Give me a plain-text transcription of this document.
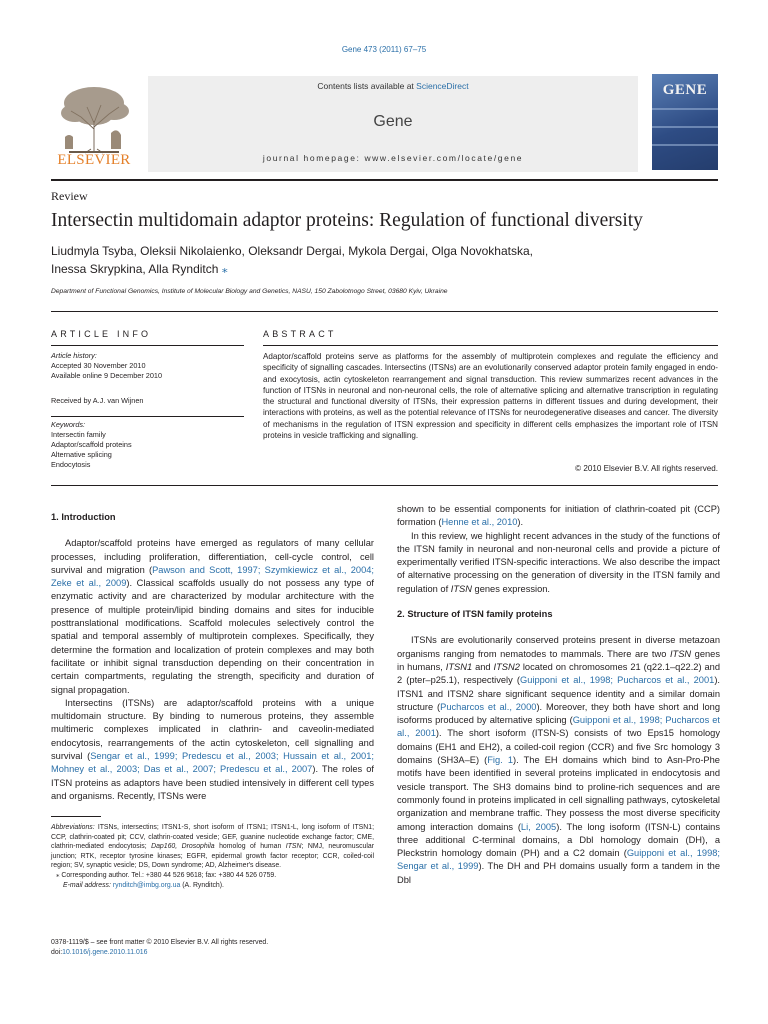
Gene 473 (2011) 67–75
ELSEVIER
Contents lists available at ScienceDirect
Gene
journal homepage: www.elsevier.com/locate/gene
GENE
Review
Intersectin multidomain adaptor proteins: Regulation of functional diversity
Liudmyla Tsyba, Oleksii Nikolaienko, Oleksandr Dergai, Mykola Dergai, Olga Novokhatska,
Inessa Skrypkina, Alla Rynditch ⁎
Department of Functional Genomics, Institute of Molecular Biology and Genetics, NASU, 150 Zabolotnogo Street, 03680 Kyiv, Ukraine
ARTICLE INFO
Article history:
Accepted 30 November 2010
Available online 9 December 2010
Received by A.J. van Wijnen
Keywords:
Intersectin family
Adaptor/scaffold proteins
Alternative splicing
Endocytosis
ABSTRACT
Adaptor/scaffold proteins serve as platforms for the assembly of multiprotein complexes and regulate the efficiency and specificity of signalling cascades. Intersectins (ITSNs) are an evolutionarily conserved adaptor protein family engaged in endo- and exocytosis, actin cytoskeleton rearrangement and signal transduction. This review summarizes recent advances in the function of ITSNs in neuronal and non-neuronal cells, the role of alternative splicing and alternative transcription in regulating the structural and functional diversity of ITSNs, their expression patterns in different tissues and during development, their interactions with proteins, as well as the potential relevance of ITSNs for neurodegenerative diseases and cancer. The diversity of mechanisms in the regulation of ITSN expression and specificity in different cells emphasizes the important role of ITSN proteins in vesicle trafficking and signalling.
© 2010 Elsevier B.V. All rights reserved.
1. Introduction

Adaptor/scaffold proteins have emerged as regulators of many cellular processes, including proliferation, differentiation, cell-cycle control, cell survival and migration (Pawson and Scott, 1997; Szymkiewicz et al., 2004; Zeke et al., 2009). Classical scaffolds usually do not possess any type of enzymatic activity and are characterized by modular architecture with the presence of multiple protein/lipid binding domains and sites for inducible posttranslational modifications. Scaffold molecules selectively control the spatial and temporal assembly of multiprotein complexes. Specifically, they determine the formation and localization of protein complexes and may both facilitate or inhibit signal transduction depending on their concentration in certain compartments, regulating the strength, specificity and duration of signal propagation.

Intersectins (ITSNs) are adaptor/scaffold proteins with a unique multidomain structure. By binding to numerous proteins, they assemble multimeric complexes implicated in clathrin- and caveolin-mediated endocytosis, rearrangements of the actin cytoskeleton, cell signalling and survival (Sengar et al., 1999; Predescu et al., 2003; Hussain et al., 2001; Mohney et al., 2003; Das et al., 2007; Predescu et al., 2007). The roles of ITSN proteins as adaptors have been studied intensively in different cell types and organisms. Recently, ITSNs were

Abbreviations: ITSNs, intersectins; ITSN1-S, short isoform of ITSN1; ITSN1-L, long isoform of ITSN1; CCP, clathrin-coated pit; CCV, clathrin-coated vesicle; GEF, guanine nucleotide exchange factor; CME, clathrin-mediated endocytosis; Dap160, Drosophila homolog of human ITSN; NMJ, neuromuscular junction; RTK, receptor tyrosine kinases; EGFR, epidermal growth factor receptor; CCR, coiled-coil region; SV, synaptic vesicle; DS, Down syndrome; AD, Alzheimer's disease.

⁎ Corresponding author. Tel.: +380 44 526 9618; fax: +380 44 526 0759.

E-mail address: rynditch@imbg.org.ua (A. Rynditch).

0378-1119/$ – see front matter © 2010 Elsevier B.V. All rights reserved.
doi:10.1016/j.gene.2010.11.016

shown to be essential components for initiation of clathrin-coated pit (CCP) formation (Henne et al., 2010).

In this review, we highlight recent advances in the study of the functions of the ITSN family in neuronal and non-neuronal cells and provide a picture of experimentally verified ITSN-specific interactions. We also describe the impact of alternative processing on the generation of diversity in the ITSN family and regulation of ITSN genes expression.

2. Structure of ITSN family proteins

ITSNs are evolutionarily conserved proteins present in diverse metazoan organisms ranging from nematodes to mammals. There are two ITSN genes in humans, ITSN1 and ITSN2 located on chromosomes 21 (q22.1–q22.2) and 2 (pter–p25.1), respectively (Guipponi et al., 1998; Pucharcos et al., 2001). ITSN1 and ITSN2 share significant sequence identity and a similar domain structure (Pucharcos et al., 2000). Moreover, they both have short and long isoforms produced by alternative splicing (Guipponi et al., 1998; Pucharcos et al., 2001). The short isoform (ITSN-S) consists of two Eps15 homology domains (EH1 and EH2), a coiled-coil region (CCR) and five Src homology 3 domains (SH3A–E) (Fig. 1). The EH domains which bind to Asn-Pro-Phe motifs have been identified in several proteins implicated in endocytosis and vesicle transport. The SH3 domains bind to proline-rich sequences and are commonly found in proteins implicated in cell signalling pathways, cytoskeletal organization and membrane traffic. They possess the most diverse specificity among interaction domains (Li, 2005). The long isoform (ITSN-L) contains three additional C-terminal domains, a Dbl homology domain (DH), a Pleckstrin homology domain (PH) and a C2 domain (Guipponi et al., 1998; Sengar et al., 1999). The DH and PH domains usually form a tandem in the Dbl
